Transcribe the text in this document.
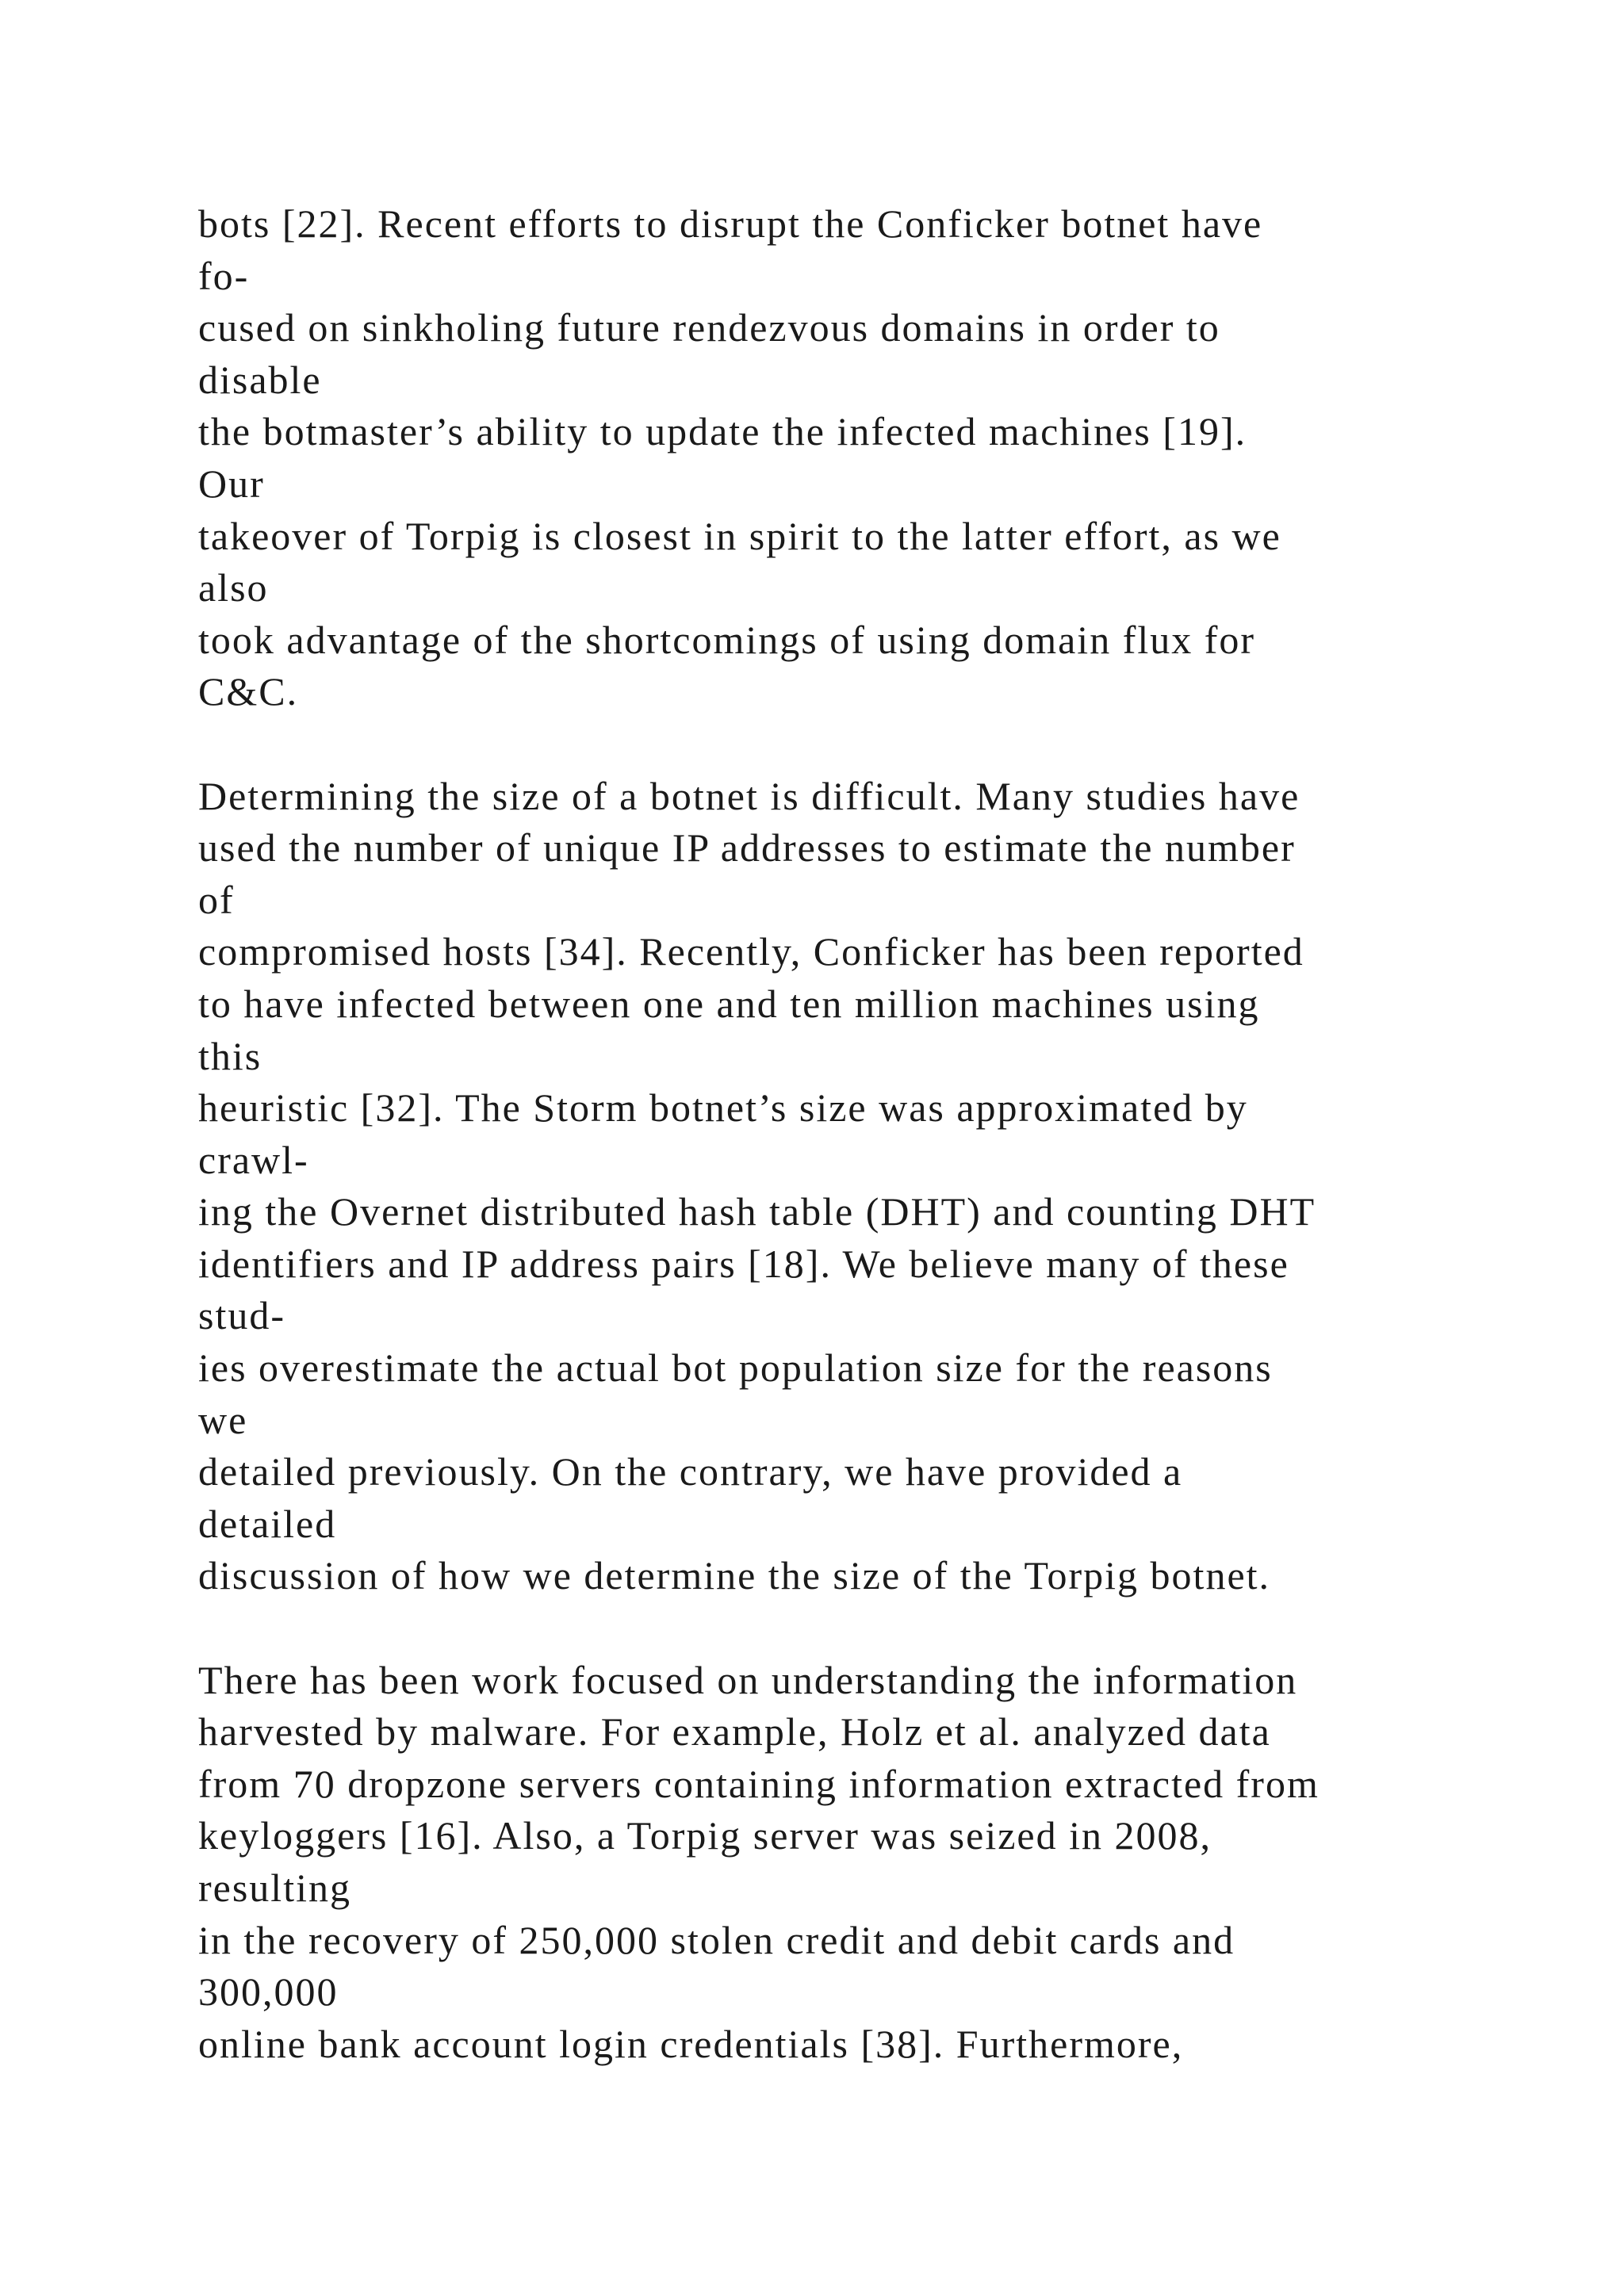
bots [22]. Recent efforts to disrupt the Conficker botnet have
fo-
cused on sinkholing future rendezvous domains in order to
disable
the botmaster’s ability to update the infected machines [19].
Our
takeover of Torpig is closest in spirit to the latter effort, as we
also
took advantage of the shortcomings of using domain flux for
C&C.
Determining the size of a botnet is difficult. Many studies have
used the number of unique IP addresses to estimate the number
of
compromised hosts [34]. Recently, Conficker has been reported
to have infected between one and ten million machines using
this
heuristic [32]. The Storm botnet’s size was approximated by
crawl-
ing the Overnet distributed hash table (DHT) and counting DHT
identifiers and IP address pairs [18]. We believe many of these
stud-
ies overestimate the actual bot population size for the reasons
we
detailed previously. On the contrary, we have provided a
detailed
discussion of how we determine the size of the Torpig botnet.
There has been work focused on understanding the information
harvested by malware. For example, Holz et al. analyzed data
from 70 dropzone servers containing information extracted from
keyloggers [16]. Also, a Torpig server was seized in 2008,
resulting
in the recovery of 250,000 stolen credit and debit cards and
300,000
online bank account login credentials [38]. Furthermore,
